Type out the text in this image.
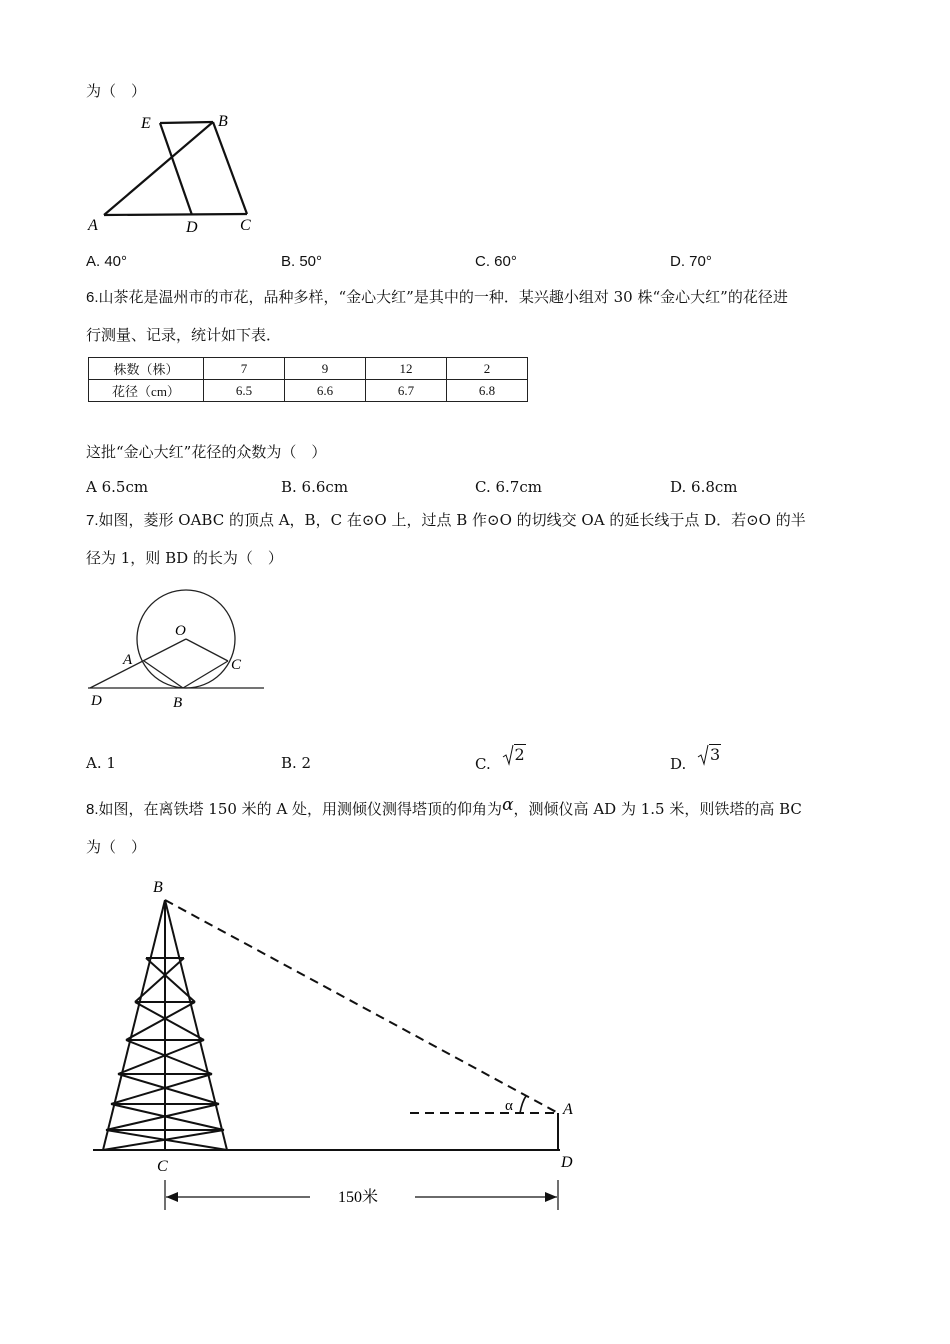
为（　）
E	B
A	D	C
A. 40°	B. 50°	C. 60°	D. 70°
6.山茶花是温州市的市花，品种多样，“金心大红”是其中的一种．某兴趣小组对 30 株“金心大红”的花径进
行测量、记录，统计如下表．
株数（株）	7	9	12	2
花径（cm）	6.5	6.6	6.7	6.8
这批“金心大红”花径的众数为（　）
A 6.5cm	B. 6.6cm	C. 6.7cm	D. 6.8cm
7.如图，菱形 OABC 的顶点 A，B，C 在⊙O 上，过点 B 作⊙O 的切线交 OA 的延长线于点 D．若⊙O 的半
径为 1，则 BD 的长为（　）
O
A	C
D	B
A. 1	B. 2	C. 2	D. 3
8.如图，在离铁塔 150 米的 A 处，用测倾仪测得塔顶的仰角为α，测倾仪高 AD 为 1.5 米，则铁塔的高 BC
为（　）
B
A
C	D
α
150米
